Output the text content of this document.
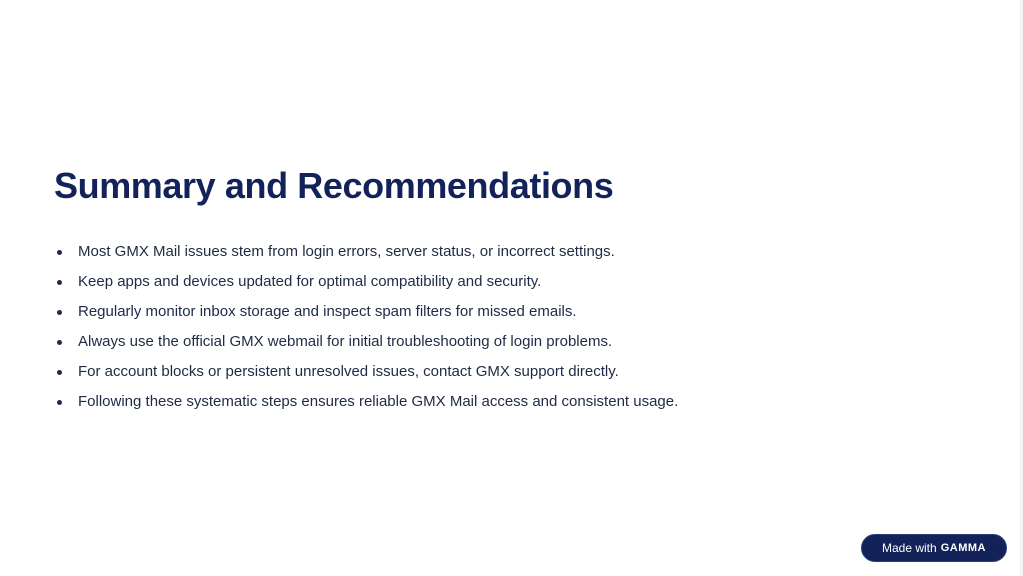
Summary and Recommendations
Most GMX Mail issues stem from login errors, server status, or incorrect settings.
Keep apps and devices updated for optimal compatibility and security.
Regularly monitor inbox storage and inspect spam filters for missed emails.
Always use the official GMX webmail for initial troubleshooting of login problems.
For account blocks or persistent unresolved issues, contact GMX support directly.
Following these systematic steps ensures reliable GMX Mail access and consistent usage.
Made with GAMMA
